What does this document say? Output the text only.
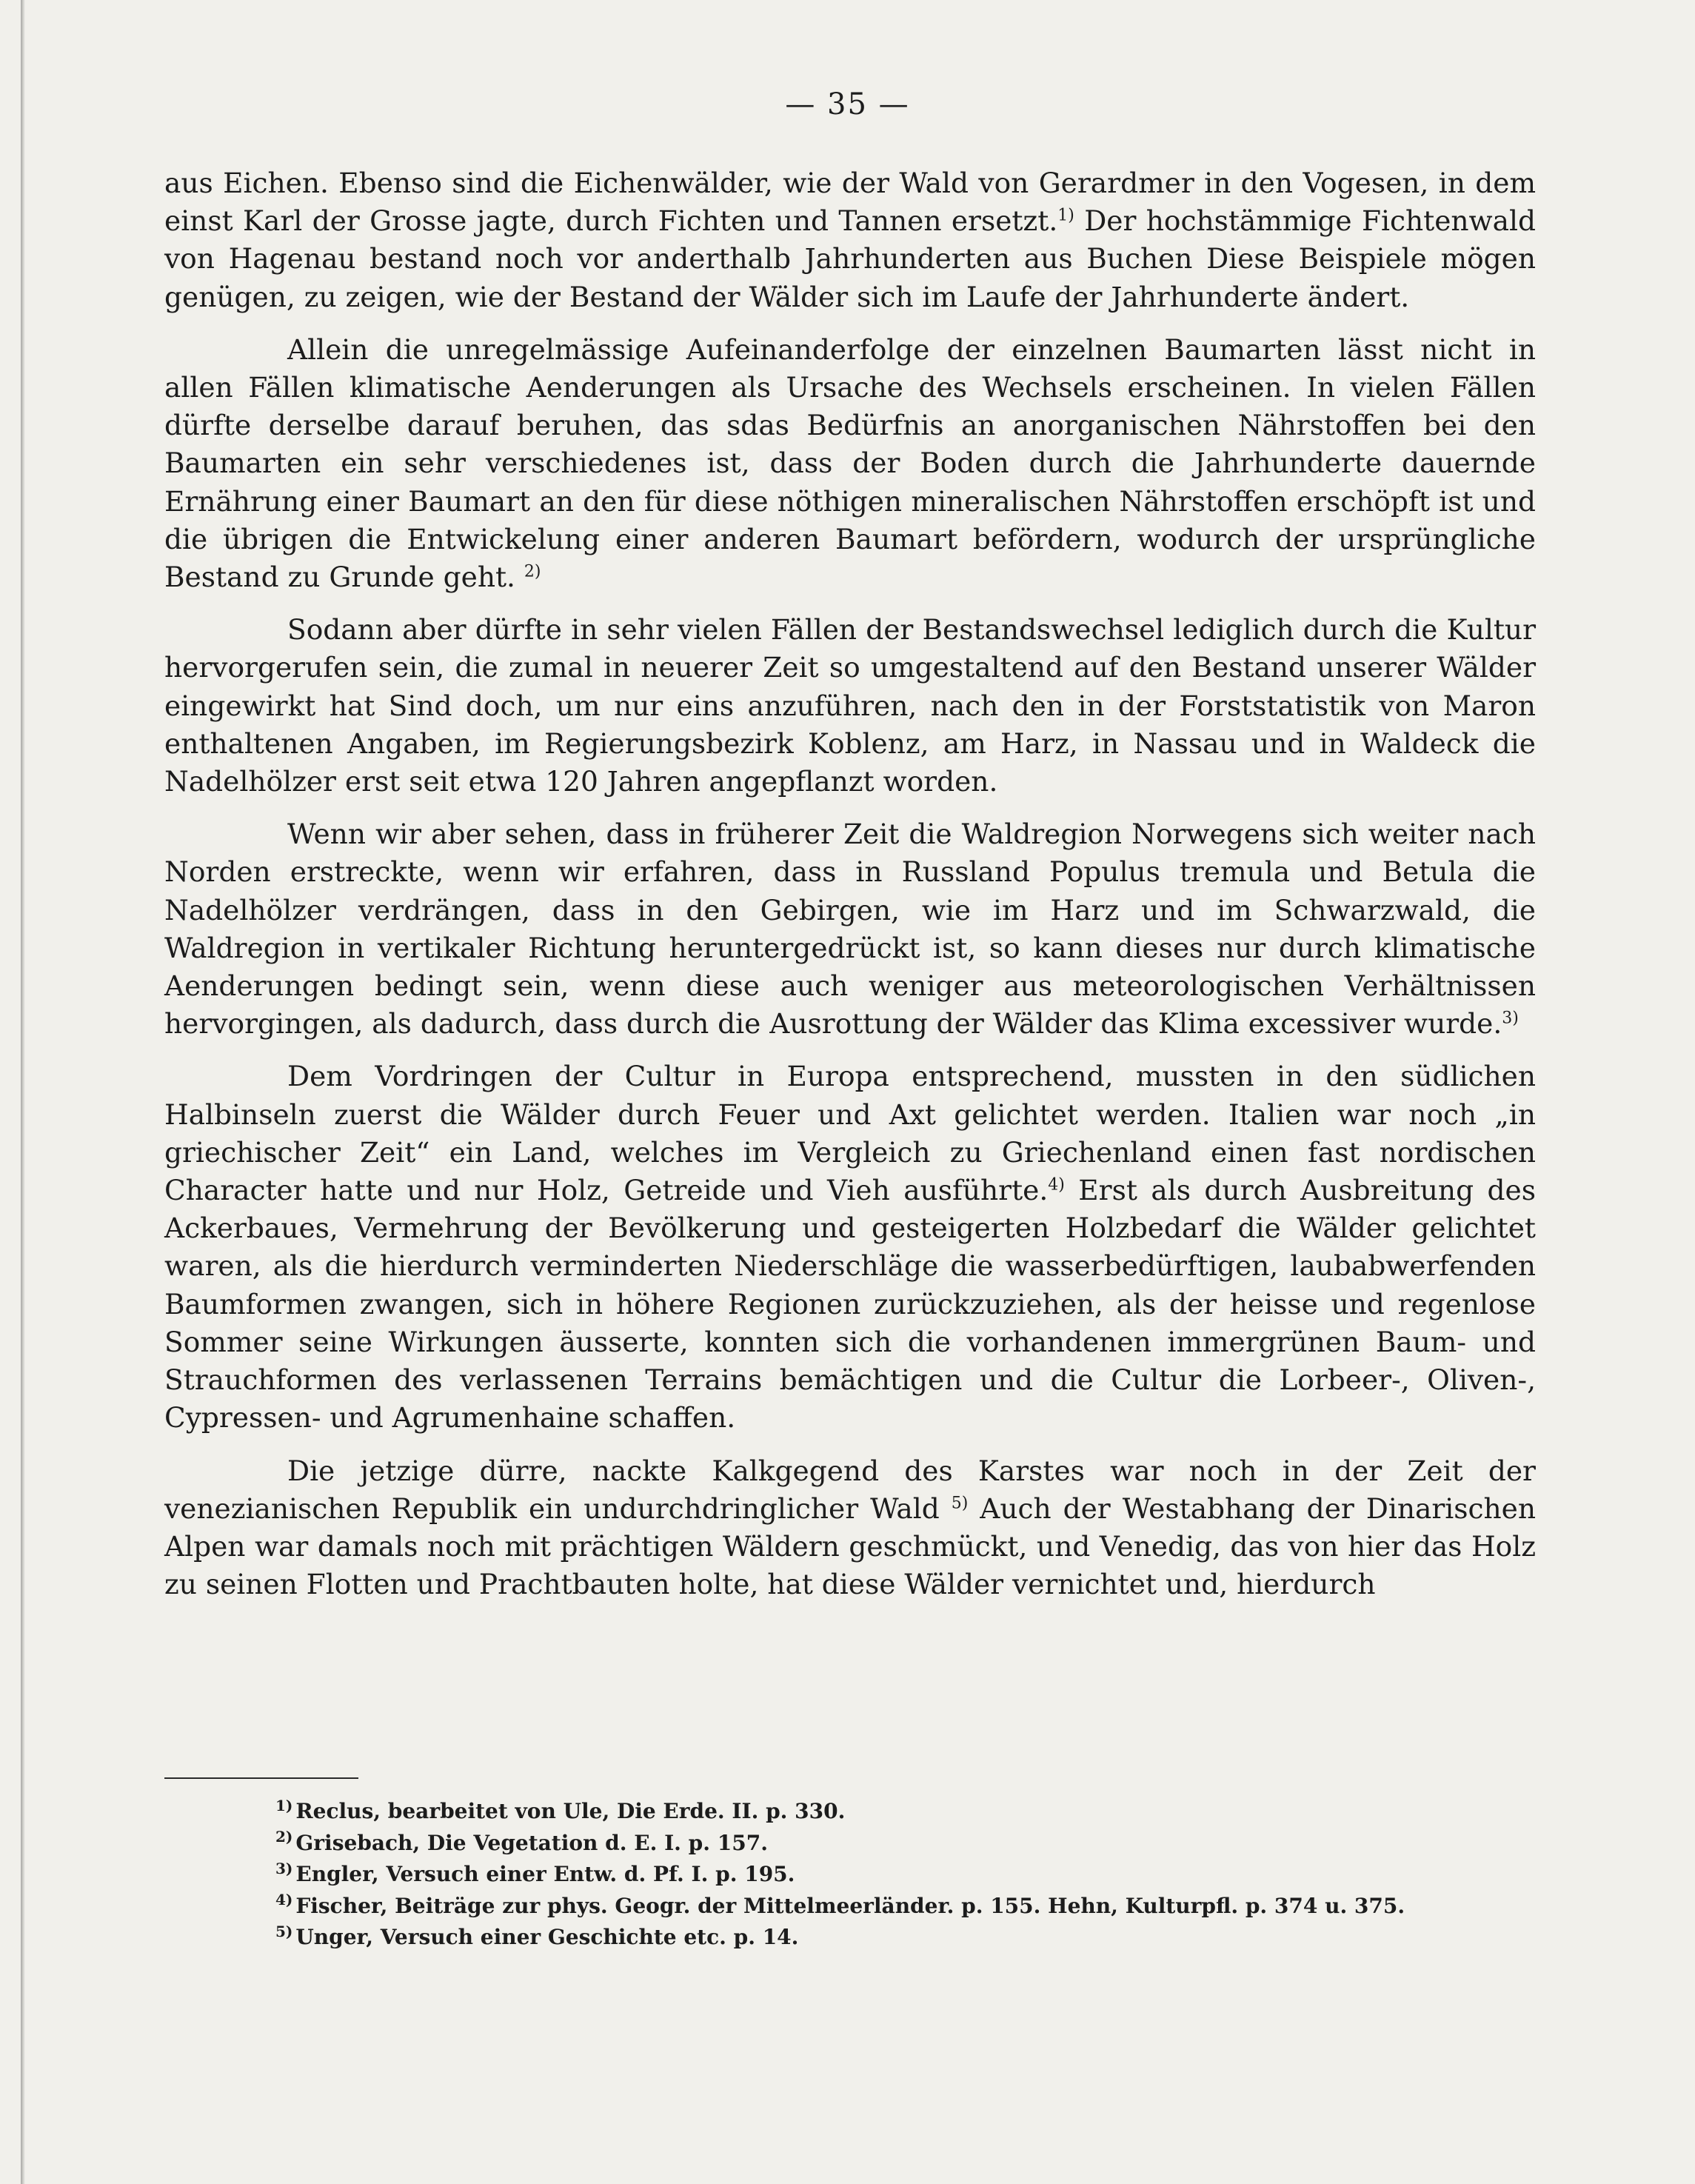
— 35 —

aus Eichen. Ebenso sind die Eichenwälder, wie der Wald von Gerardmer in den Vogesen, in dem einst Karl der Grosse jagte, durch Fichten und Tannen ersetzt.$^{1)}$ Der hochstämmige Fichtenwald von Hagenau bestand noch vor anderthalb Jahrhunderten aus Buchen Diese Beispiele mögen genügen, zu zeigen, wie der Bestand der Wälder sich im Laufe der Jahrhunderte ändert.

Allein die unregelmässige Aufeinanderfolge der einzelnen Baumarten lässt nicht in allen Fällen klimatische Aenderungen als Ursache des Wechsels erscheinen. In vielen Fällen dürfte derselbe darauf beruhen, das sdas Bedürfnis an anorganischen Nährstoffen bei den Baumarten ein sehr verschiedenes ist, dass der Boden durch die Jahrhunderte dauernde Ernährung einer Baumart an den für diese nöthigen mineralischen Nährstoffen erschöpft ist und die übrigen die Entwickelung einer anderen Baumart befördern, wodurch der ursprüngliche Bestand zu Grunde geht. $^{2)}$

Sodann aber dürfte in sehr vielen Fällen der Bestandswechsel lediglich durch die Kultur hervorgerufen sein, die zumal in neuerer Zeit so umgestaltend auf den Bestand unserer Wälder eingewirkt hat Sind doch, um nur eins anzuführen, nach den in der Forststatistik von Maron enthaltenen Angaben, im Regierungsbezirk Koblenz, am Harz, in Nassau und in Waldeck die Nadelhölzer erst seit etwa 120 Jahren angepflanzt worden.

Wenn wir aber sehen, dass in früherer Zeit die Waldregion Norwegens sich weiter nach Norden erstreckte, wenn wir erfahren, dass in Russland Populus tremula und Betula die Nadelhölzer verdrängen, dass in den Gebirgen, wie im Harz und im Schwarzwald, die Waldregion in vertikaler Richtung heruntergedrückt ist, so kann dieses nur durch klimatische Aenderungen bedingt sein, wenn diese auch weniger aus meteorologischen Verhältnissen hervorgingen, als dadurch, dass durch die Ausrottung der Wälder das Klima excessiver wurde.$^{3)}$

Dem Vordringen der Cultur in Europa entsprechend, mussten in den südlichen Halbinseln zuerst die Wälder durch Feuer und Axt gelichtet werden. Italien war noch „in griechischer Zeit“ ein Land, welches im Vergleich zu Griechenland einen fast nordischen Character hatte und nur Holz, Getreide und Vieh ausführte.$^{4)}$ Erst als durch Ausbreitung des Ackerbaues, Vermehrung der Bevölkerung und gesteigerten Holzbedarf die Wälder gelichtet waren, als die hierdurch verminderten Niederschläge die wasserbedürftigen, laubabwerfenden Baumformen zwangen, sich in höhere Regionen zurückzuziehen, als der heisse und regenlose Sommer seine Wirkungen äusserte, konnten sich die vorhandenen immergrünen Baum- und Strauchformen des verlassenen Terrains bemächtigen und die Cultur die Lorbeer-, Oliven-, Cypressen- und Agrumenhaine schaffen.

Die jetzige dürre, nackte Kalkgegend des Karstes war noch in der Zeit der venezianischen Republik ein undurchdringlicher Wald $^{5)}$ Auch der Westabhang der Dinarischen Alpen war damals noch mit prächtigen Wäldern geschmückt, und Venedig, das von hier das Holz zu seinen Flotten und Prachtbauten holte, hat diese Wälder vernichtet und, hierdurch

$^{1)}$ Reclus, bearbeitet von Ule, Die Erde. II. p. 330.

$^{2)}$ Grisebach, Die Vegetation d. E. I. p. 157.

$^{3)}$ Engler, Versuch einer Entw. d. Pf. I. p. 195.

$^{4)}$ Fischer, Beiträge zur phys. Geogr. der Mittelmeerländer. p. 155. Hehn, Kulturpfl. p. 374 u. 375.

$^{5)}$ Unger, Versuch einer Geschichte etc. p. 14.
